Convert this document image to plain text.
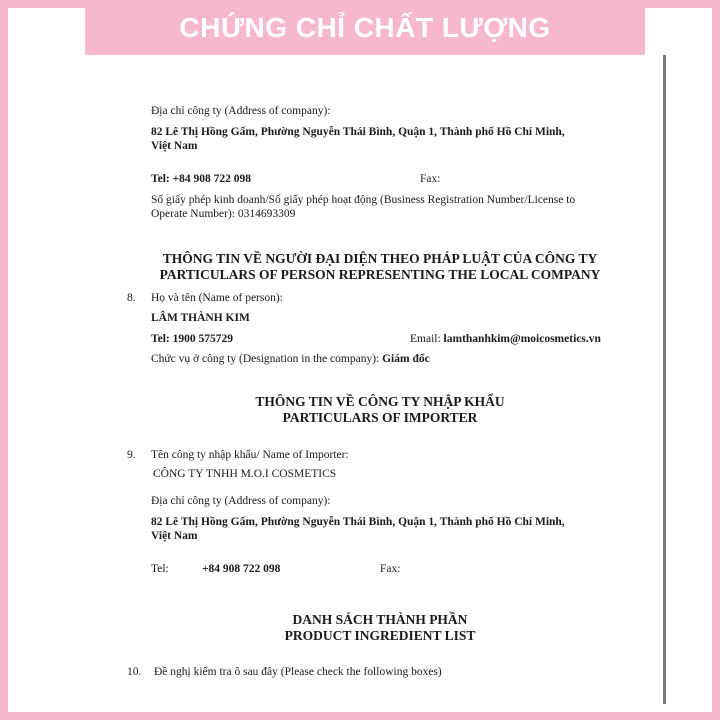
CHỨNG CHỈ CHẤT LƯỢNG
Địa chỉ công ty (Address of company):
82 Lê Thị Hồng Gấm, Phường Nguyễn Thái Bình, Quận 1, Thành phố Hồ Chí Minh,
Việt Nam
Tel: +84 908 722 098	Fax:
Số giấy phép kinh doanh/Số giấy phép hoạt động (Business Registration Number/License to
Operate Number): 0314693309
THÔNG TIN VỀ NGƯỜI ĐẠI DIỆN THEO PHÁP LUẬT CỦA CÔNG TY
PARTICULARS OF PERSON REPRESENTING THE LOCAL COMPANY
8. Họ và tên (Name of person):
LÂM THÀNH KIM
Tel: 1900 575729	Email: lamthanhkim@moicosmetics.vn
Chức vụ ở công ty (Designation in the company): Giám đốc
THÔNG TIN VỀ CÔNG TY NHẬP KHẨU
PARTICULARS OF IMPORTER
9. Tên công ty nhập khẩu/ Name of Importer:
CÔNG TY TNHH M.O.I COSMETICS
Địa chỉ công ty (Address of company):
82 Lê Thị Hồng Gấm, Phường Nguyễn Thái Bình, Quận 1, Thành phố Hồ Chí Minh,
Việt Nam
Tel:	+84 908 722 098	Fax:
DANH SÁCH THÀNH PHẦN
PRODUCT INGREDIENT LIST
10. Đề nghị kiểm tra ô sau đây (Please check the following boxes)
